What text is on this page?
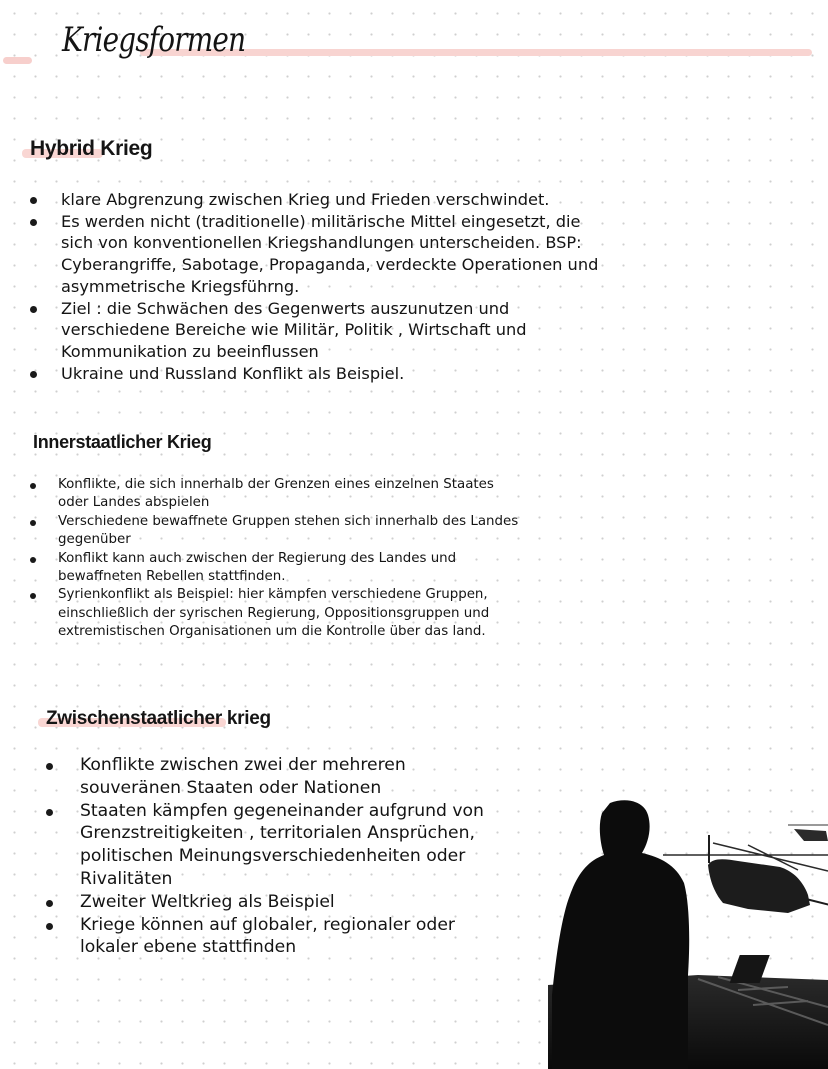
Kriegsformen
Hybrid Krieg
klare Abgrenzung zwischen Krieg und Frieden verschwindet.
Es werden nicht (traditionelle) militärische Mittel eingesetzt, die
sich von konventionellen Kriegshandlungen unterscheiden. BSP:
Cyberangriffe, Sabotage, Propaganda, verdeckte Operationen und
asymmetrische Kriegsführng.
Ziel : die Schwächen des Gegenwerts auszunutzen und
verschiedene Bereiche wie Militär, Politik , Wirtschaft und
Kommunikation zu beeinflussen
Ukraine und Russland Konflikt als Beispiel.
Innerstaatlicher Krieg
Konflikte, die sich innerhalb der Grenzen eines einzelnen Staates
oder Landes abspielen
Verschiedene bewaffnete Gruppen stehen sich innerhalb des Landes
gegenüber
Konflikt kann auch zwischen der Regierung des Landes und
bewaffneten Rebellen stattfinden.
Syrienkonflikt als Beispiel: hier kämpfen verschiedene Gruppen,
einschließlich der syrischen Regierung, Oppositionsgruppen und
extremistischen Organisationen um die Kontrolle über das land.
Zwischenstaatlicher krieg
Konflikte zwischen zwei der mehreren
souveränen Staaten oder Nationen
Staaten kämpfen gegeneinander aufgrund von
Grenzstreitigkeiten , territorialen Ansprüchen,
politischen Meinungsverschiedenheiten oder
Rivalitäten
Zweiter Weltkrieg als Beispiel
Kriege können auf globaler, regionaler oder
lokaler ebene stattfinden
